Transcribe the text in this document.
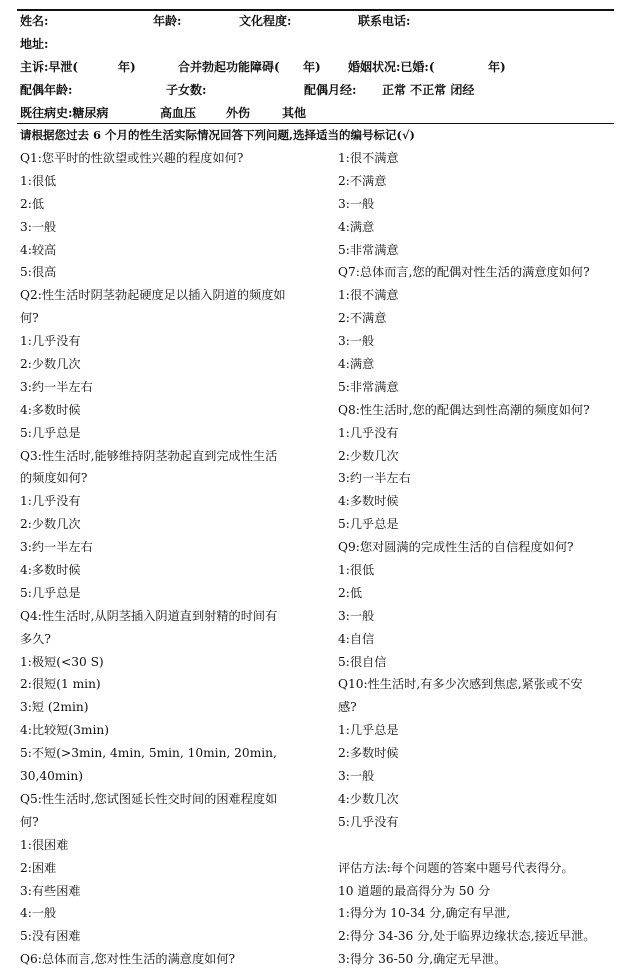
姓名:	年龄:	文化程度:	联系电话:
地址:
主诉:早泄(	年)	合并勃起功能障碍( 年) 婚姻状况:已婚:(	年)
配偶年龄:	子女数:	配偶月经: 正常 不正常 闭经
既往病史:糖尿病	高血压 外伤	其他
请根据您过去 6 个月的性生活实际情况回答下列问题,选择适当的编号标记(√)
Q1:您平时的性欲望或性兴趣的程度如何?
1:很低
2:低
3:一般
4:较高
5:很高
Q2:性生活时阴茎勃起硬度足以插入阴道的频度如
何?
1:几乎没有
2:少数几次
3:约一半左右
4:多数时候
5:几乎总是
Q3:性生活时,能够维持阴茎勃起直到完成性生活
的频度如何?
1:几乎没有
2:少数几次
3:约一半左右
4:多数时候
5:几乎总是
Q4:性生活时,从阴茎插入阴道直到射精的时间有
多久?
1:极短(<30 S)
2:很短(1 min)
3:短 (2min)
4:比较短(3min)
5:不短(>3min, 4min, 5min, 10min, 20min,
30,40min)
Q5:性生活时,您试图延长性交时间的困难程度如
何?
1:很困难
2:困难
3:有些困难
4:一般
5:没有困难
Q6:总体而言,您对性生活的满意度如何?
1:很不满意
2:不满意
3:一般
4:满意
5:非常满意
Q7:总体而言,您的配偶对性生活的满意度如何?
1:很不满意
2:不满意
3:一般
4:满意
5:非常满意
Q8:性生活时,您的配偶达到性高潮的频度如何?
1:几乎没有
2:少数几次
3:约一半左右
4:多数时候
5:几乎总是
Q9:您对圆满的完成性生活的自信程度如何?
1:很低
2:低
3:一般
4:自信
5:很自信
Q10:性生活时,有多少次感到焦虑,紧张或不安
感?
1:几乎总是
2:多数时候
3:一般
4:少数几次
5:几乎没有
评估方法:每个问题的答案中题号代表得分。
10 道题的最高得分为 50 分
1:得分为 10-34 分,确定有早泄,
2:得分 34-36 分,处于临界边缘状态,接近早泄。
3:得分 36-50 分,确定无早泄。
